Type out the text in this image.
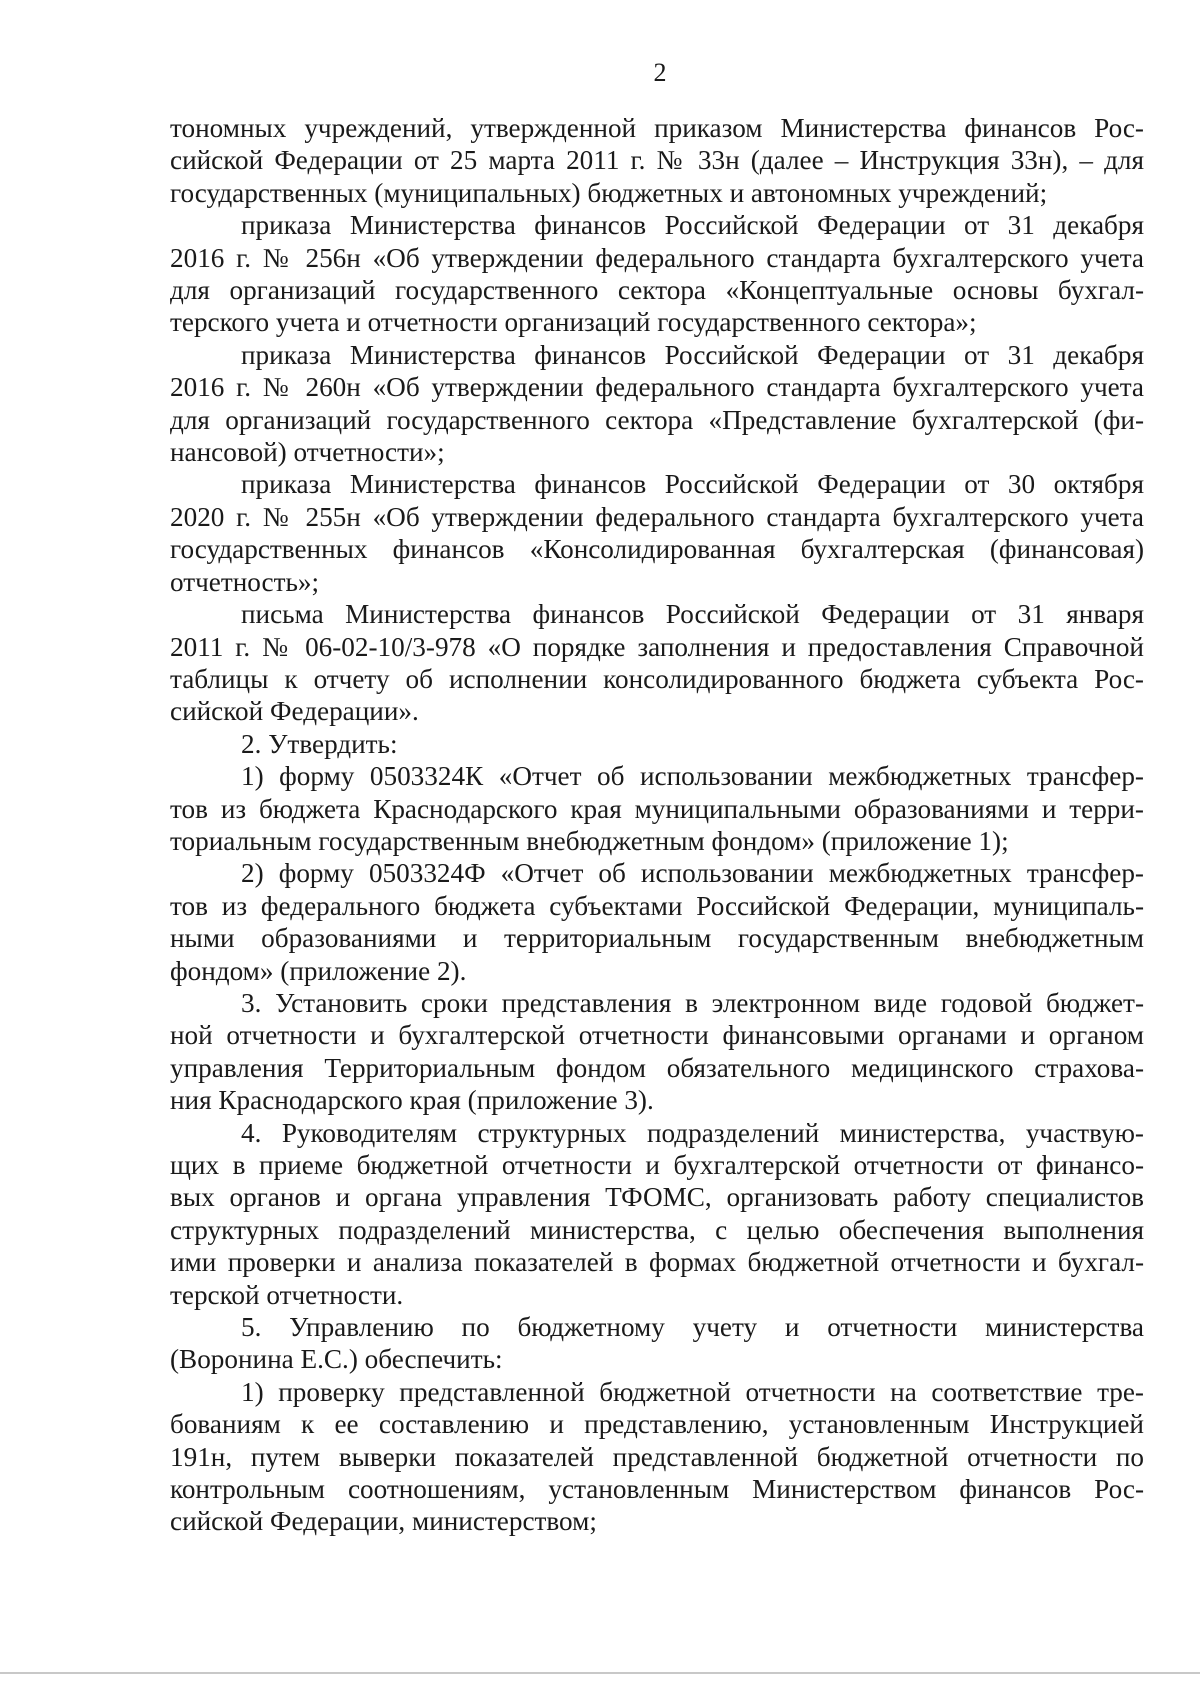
2
тономных учреждений, утвержденной приказом Министерства финансов Рос-
сийской Федерации от 25 марта 2011 г. № 33н (далее – Инструкция 33н), – для
государственных (муниципальных) бюджетных и автономных учреждений;
приказа Министерства финансов Российской Федерации от 31 декабря
2016 г. № 256н «Об утверждении федерального стандарта бухгалтерского учета
для организаций государственного сектора «Концептуальные основы бухгал-
терского учета и отчетности организаций государственного сектора»;
приказа Министерства финансов Российской Федерации от 31 декабря
2016 г. № 260н «Об утверждении федерального стандарта бухгалтерского учета
для организаций государственного сектора «Представление бухгалтерской (фи-
нансовой) отчетности»;
приказа Министерства финансов Российской Федерации от 30 октября
2020 г. № 255н «Об утверждении федерального стандарта бухгалтерского учета
государственных финансов «Консолидированная бухгалтерская (финансовая)
отчетность»;
письма Министерства финансов Российской Федерации от 31 января
2011 г. № 06-02-10/3-978 «О порядке заполнения и предоставления Справочной
таблицы к отчету об исполнении консолидированного бюджета субъекта Рос-
сийской Федерации».
2. Утвердить:
1) форму 0503324К «Отчет об использовании межбюджетных трансфер-
тов из бюджета Краснодарского края муниципальными образованиями и терри-
ториальным государственным внебюджетным фондом» (приложение 1);
2) форму 0503324Ф «Отчет об использовании межбюджетных трансфер-
тов из федерального бюджета субъектами Российской Федерации, муниципаль-
ными образованиями и территориальным государственным внебюджетным
фондом» (приложение 2).
3. Установить сроки представления в электронном виде годовой бюджет-
ной отчетности и бухгалтерской отчетности финансовыми органами и органом
управления Территориальным фондом обязательного медицинского страхова-
ния Краснодарского края (приложение 3).
4. Руководителям структурных подразделений министерства, участвую-
щих в приеме бюджетной отчетности и бухгалтерской отчетности от финансо-
вых органов и органа управления ТФОМС, организовать работу специалистов
структурных подразделений министерства, с целью обеспечения выполнения
ими проверки и анализа показателей в формах бюджетной отчетности и бухгал-
терской отчетности.
5. Управлению по бюджетному учету и отчетности министерства
(Воронина Е.С.) обеспечить:
1) проверку представленной бюджетной отчетности на соответствие тре-
бованиям к ее составлению и представлению, установленным Инструкцией
191н, путем выверки показателей представленной бюджетной отчетности по
контрольным соотношениям, установленным Министерством финансов Рос-
сийской Федерации, министерством;
